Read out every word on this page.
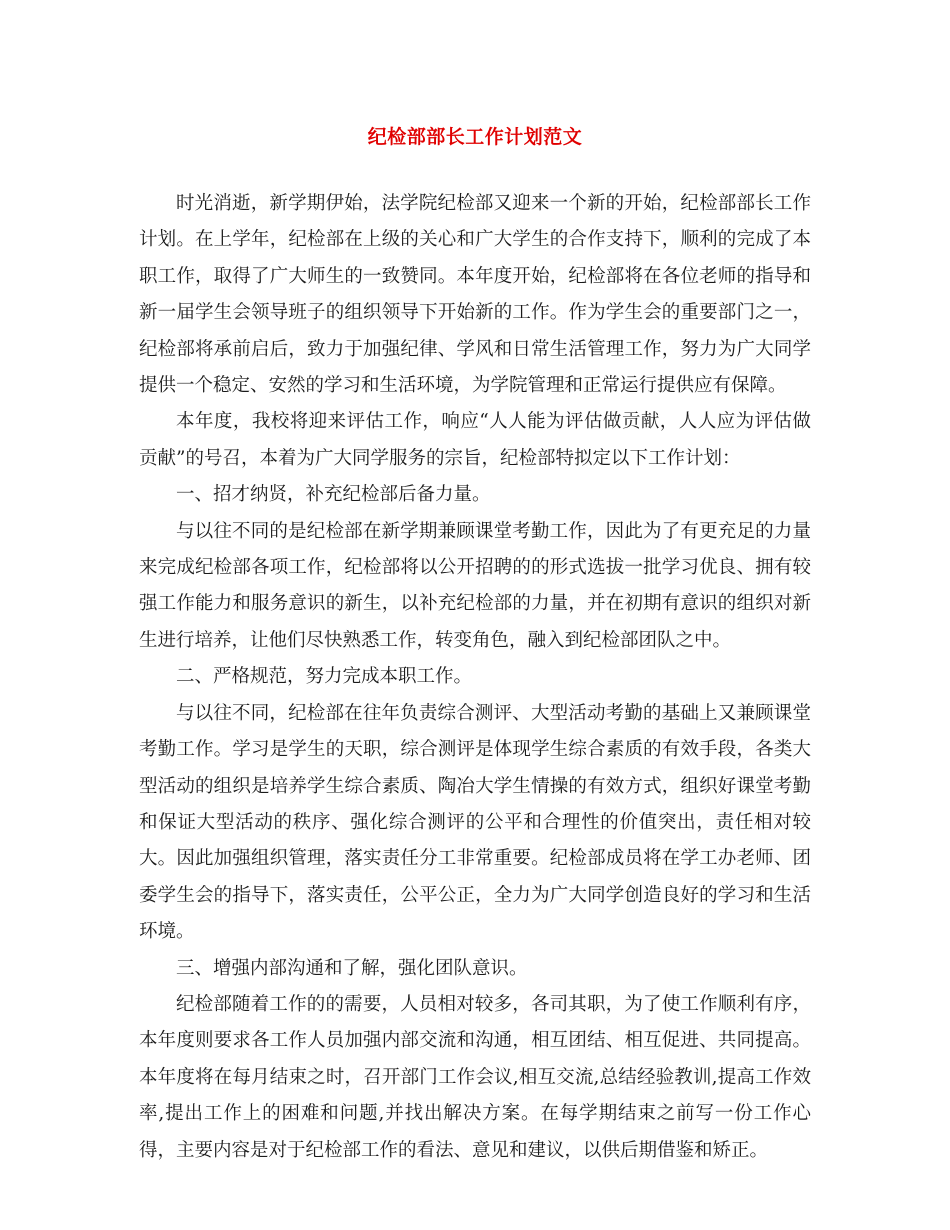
纪检部部长工作计划范文

时光消逝，新学期伊始，法学院纪检部又迎来一个新的开始，纪检部部长工作计划。在上学年，纪检部在上级的关心和广大学生的合作支持下，顺利的完成了本职工作，取得了广大师生的一致赞同。本年度开始，纪检部将在各位老师的指导和新一届学生会领导班子的组织领导下开始新的工作。作为学生会的重要部门之一，纪检部将承前启后，致力于加强纪律、学风和日常生活管理工作，努力为广大同学提供一个稳定、安然的学习和生活环境，为学院管理和正常运行提供应有保障。

本年度，我校将迎来评估工作，响应“人人能为评估做贡献，人人应为评估做贡献”的号召，本着为广大同学服务的宗旨，纪检部特拟定以下工作计划：

一、招才纳贤，补充纪检部后备力量。

与以往不同的是纪检部在新学期兼顾课堂考勤工作，因此为了有更充足的力量来完成纪检部各项工作，纪检部将以公开招聘的的形式选拔一批学习优良、拥有较强工作能力和服务意识的新生，以补充纪检部的力量，并在初期有意识的组织对新生进行培养，让他们尽快熟悉工作，转变角色，融入到纪检部团队之中。

二、严格规范，努力完成本职工作。

与以往不同，纪检部在往年负责综合测评、大型活动考勤的基础上又兼顾课堂考勤工作。学习是学生的天职，综合测评是体现学生综合素质的有效手段，各类大型活动的组织是培养学生综合素质、陶冶大学生情操的有效方式，组织好课堂考勤和保证大型活动的秩序、强化综合测评的公平和合理性的价值突出，责任相对较大。因此加强组织管理，落实责任分工非常重要。纪检部成员将在学工办老师、团委学生会的指导下，落实责任，公平公正，全力为广大同学创造良好的学习和生活环境。

三、增强内部沟通和了解，强化团队意识。

纪检部随着工作的的需要，人员相对较多，各司其职，为了使工作顺利有序，本年度则要求各工作人员加强内部交流和沟通，相互团结、相互促进、共同提高。本年度将在每月结束之时，召开部门工作会议,相互交流,总结经验教训,提高工作效率,提出工作上的困难和问题,并找出解决方案。在每学期结束之前写一份工作心得，主要内容是对于纪检部工作的看法、意见和建议，以供后期借鉴和矫正。
